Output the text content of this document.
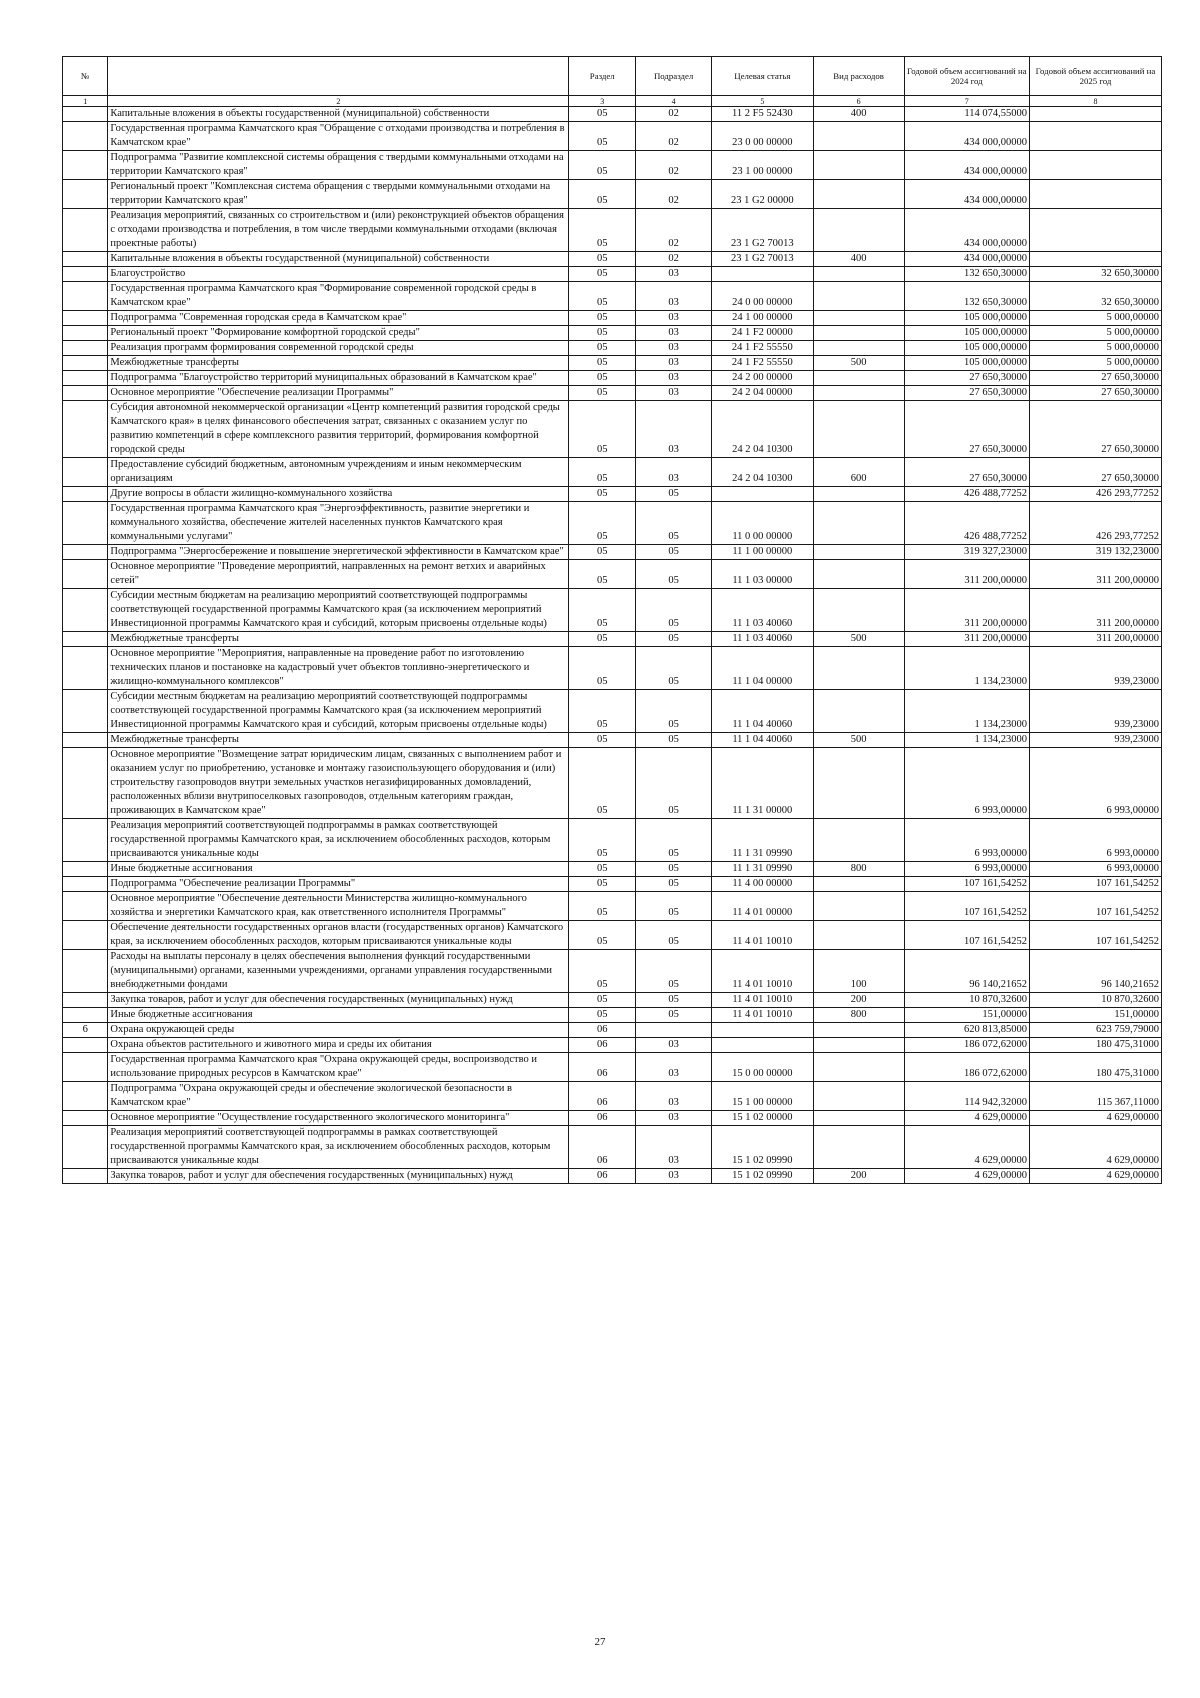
№		Раздел	Подраздел	Целевая статья	Вид расходов	Годовой объем ассигнований на 2024 год	Годовой объем ассигнований на 2025 год
1	2	3	4	5	6	7	8
	Капитальные вложения в объекты государственной (муниципальной) собственности	05	02	11 2 F5 52430	400	114 074,55000	
	Государственная программа Камчатского края "Обращение с отходами производства и потребления в Камчатском крае"	05	02	23 0 00 00000		434 000,00000	
	Подпрограмма "Развитие комплексной системы обращения с твердыми коммунальными отходами на территории Камчатского края"	05	02	23 1 00 00000		434 000,00000	
	Региональный проект "Комплексная система обращения с твердыми коммунальными отходами на территории Камчатского края"	05	02	23 1 G2 00000		434 000,00000	
	Реализация мероприятий, связанных со строительством и (или) реконструкцией объектов обращения с отходами производства и потребления, в том числе твердыми коммунальными отходами (включая проектные работы)	05	02	23 1 G2 70013		434 000,00000	
	Капитальные вложения в объекты государственной (муниципальной) собственности	05	02	23 1 G2 70013	400	434 000,00000	
	Благоустройство	05	03			132 650,30000	32 650,30000
	Государственная программа Камчатского края "Формирование современной городской среды в Камчатском крае"	05	03	24 0 00 00000		132 650,30000	32 650,30000
	Подпрограмма "Современная городская среда в Камчатском крае"	05	03	24 1 00 00000		105 000,00000	5 000,00000
	Региональный проект "Формирование комфортной городской среды"	05	03	24 1 F2 00000		105 000,00000	5 000,00000
	Реализация программ формирования современной городской среды	05	03	24 1 F2 55550		105 000,00000	5 000,00000
	Межбюджетные трансферты	05	03	24 1 F2 55550	500	105 000,00000	5 000,00000
	Подпрограмма "Благоустройство территорий муниципальных образований в Камчатском крае"	05	03	24 2 00 00000		27 650,30000	27 650,30000
	Основное мероприятие "Обеспечение реализации Программы"	05	03	24 2 04 00000		27 650,30000	27 650,30000
	Субсидия автономной некоммерческой организации «Центр компетенций развития городской среды Камчатского края» в целях финансового обеспечения затрат, связанных с оказанием услуг по развитию компетенций в сфере комплексного развития территорий, формирования комфортной городской среды	05	03	24 2 04 10300		27 650,30000	27 650,30000
	Предоставление субсидий бюджетным, автономным учреждениям и иным некоммерческим организациям	05	03	24 2 04 10300	600	27 650,30000	27 650,30000
	Другие вопросы в области жилищно-коммунального хозяйства	05	05			426 488,77252	426 293,77252
	Государственная программа Камчатского края "Энергоэффективность, развитие энергетики и коммунального хозяйства, обеспечение жителей населенных пунктов Камчатского края коммунальными услугами"	05	05	11 0 00 00000		426 488,77252	426 293,77252
	Подпрограмма "Энергосбережение и повышение энергетической эффективности в Камчатском крае"	05	05	11 1 00 00000		319 327,23000	319 132,23000
	Основное мероприятие "Проведение мероприятий, направленных на ремонт ветхих и аварийных сетей"	05	05	11 1 03 00000		311 200,00000	311 200,00000
	Субсидии местным бюджетам на реализацию мероприятий соответствующей подпрограммы соответствующей государственной программы Камчатского края (за исключением мероприятий Инвестиционной программы Камчатского края и субсидий, которым присвоены отдельные коды)	05	05	11 1 03 40060		311 200,00000	311 200,00000
	Межбюджетные трансферты	05	05	11 1 03 40060	500	311 200,00000	311 200,00000
	Основное мероприятие "Мероприятия, направленные на проведение работ по изготовлению технических планов и постановке на кадастровый учет объектов топливно-энергетического и жилищно-коммунального комплексов"	05	05	11 1 04 00000		1 134,23000	939,23000
	Субсидии местным бюджетам на реализацию мероприятий соответствующей подпрограммы соответствующей государственной программы Камчатского края (за исключением мероприятий Инвестиционной программы Камчатского края и субсидий, которым присвоены отдельные коды)	05	05	11 1 04 40060		1 134,23000	939,23000
	Межбюджетные трансферты	05	05	11 1 04 40060	500	1 134,23000	939,23000
	Основное мероприятие "Возмещение затрат юридическим лицам, связанных с выполнением работ и оказанием услуг по приобретению, установке и монтажу газоиспользующего оборудования и (или) строительству газопроводов внутри земельных участков негазифицированных домовладений, расположенных вблизи внутрипоселковых газопроводов, отдельным категориям граждан, проживающих в Камчатском крае"	05	05	11 1 31 00000		6 993,00000	6 993,00000
	Реализация мероприятий соответствующей подпрограммы в рамках соответствующей государственной программы Камчатского края, за исключением обособленных расходов, которым присваиваются уникальные коды	05	05	11 1 31 09990		6 993,00000	6 993,00000
	Иные бюджетные ассигнования	05	05	11 1 31 09990	800	6 993,00000	6 993,00000
	Подпрограмма "Обеспечение реализации Программы"	05	05	11 4 00 00000		107 161,54252	107 161,54252
	Основное мероприятие "Обеспечение деятельности Министерства жилищно-коммунального хозяйства и энергетики Камчатского края, как ответственного исполнителя Программы"	05	05	11 4 01 00000		107 161,54252	107 161,54252
	Обеспечение деятельности государственных органов власти (государственных органов) Камчатского края, за исключением обособленных расходов, которым присваиваются уникальные коды	05	05	11 4 01 10010		107 161,54252	107 161,54252
	Расходы на выплаты персоналу в целях обеспечения выполнения функций государственными (муниципальными) органами, казенными учреждениями, органами управления государственными внебюджетными фондами	05	05	11 4 01 10010	100	96 140,21652	96 140,21652
	Закупка товаров, работ и услуг для обеспечения государственных (муниципальных) нужд	05	05	11 4 01 10010	200	10 870,32600	10 870,32600
	Иные бюджетные ассигнования	05	05	11 4 01 10010	800	151,00000	151,00000
6	Охрана окружающей среды	06				620 813,85000	623 759,79000
	Охрана объектов растительного и животного мира и среды их обитания	06	03			186 072,62000	180 475,31000
	Государственная программа Камчатского края "Охрана окружающей среды, воспроизводство и использование природных ресурсов в Камчатском крае"	06	03	15 0 00 00000		186 072,62000	180 475,31000
	Подпрограмма "Охрана окружающей среды и обеспечение экологической безопасности в Камчатском крае"	06	03	15 1 00 00000		114 942,32000	115 367,11000
	Основное мероприятие "Осуществление государственного экологического мониторинга"	06	03	15 1 02 00000		4 629,00000	4 629,00000
	Реализация мероприятий соответствующей подпрограммы в рамках соответствующей государственной программы Камчатского края, за исключением обособленных расходов, которым присваиваются уникальные коды	06	03	15 1 02 09990		4 629,00000	4 629,00000
	Закупка товаров, работ и услуг для обеспечения государственных (муниципальных) нужд	06	03	15 1 02 09990	200	4 629,00000	4 629,00000
27
